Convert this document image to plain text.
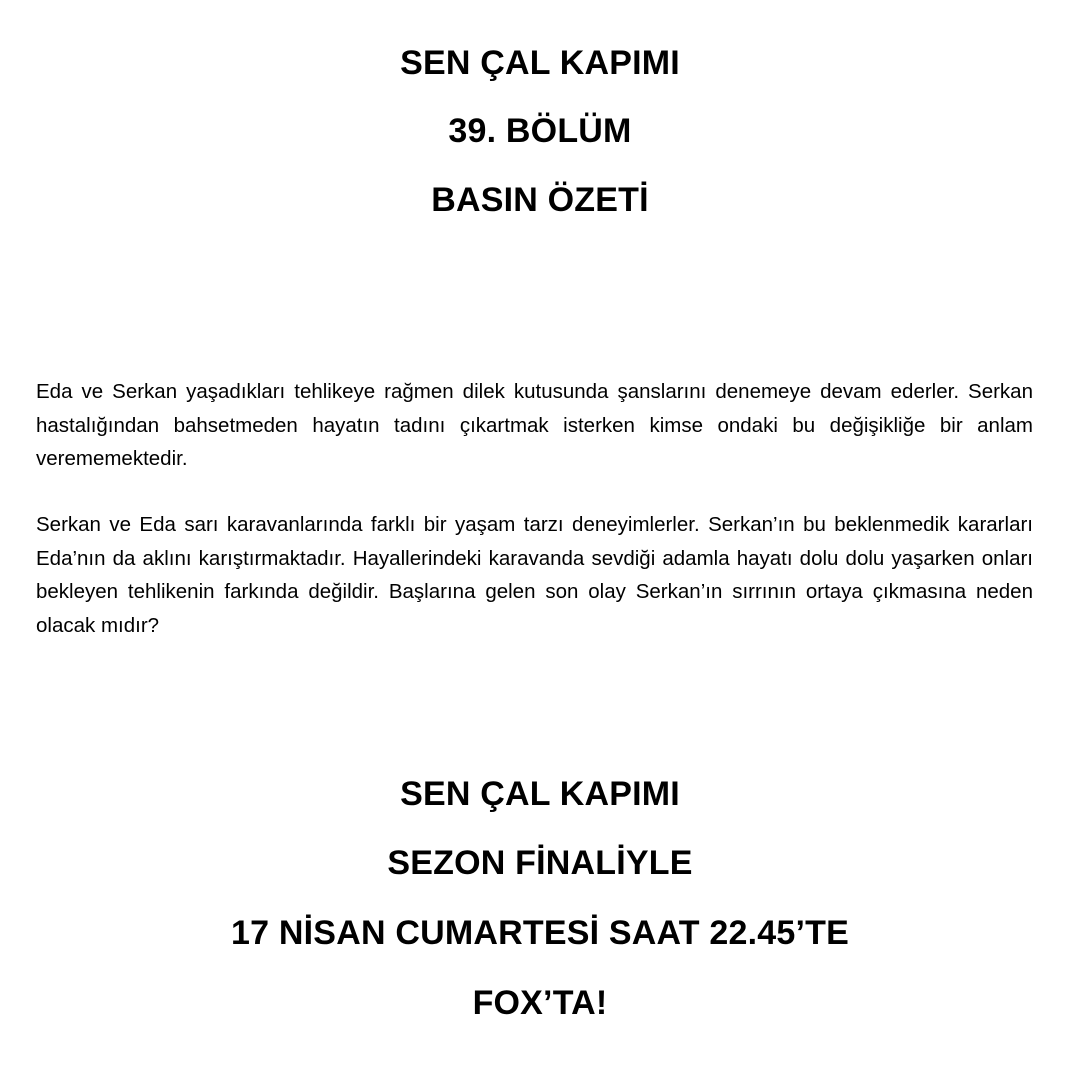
SEN ÇAL KAPIMI
39. BÖLÜM
BASIN ÖZETİ

Eda ve Serkan yaşadıkları tehlikeye rağmen dilek kutusunda şanslarını denemeye devam ederler. Serkan hastalığından bahsetmeden hayatın tadını çıkartmak isterken kimse ondaki bu değişikliğe bir anlam verememektedir.

Serkan ve Eda sarı karavanlarında farklı bir yaşam tarzı deneyimlerler. Serkan’ın bu beklenmedik kararları Eda’nın da aklını karıştırmaktadır. Hayallerindeki karavanda sevdiği adamla hayatı dolu dolu yaşarken onları bekleyen tehlikenin farkında değildir. Başlarına gelen son olay Serkan’ın sırrının ortaya çıkmasına neden olacak mıdır?

SEN ÇAL KAPIMI
SEZON FİNALİYLE
17 NİSAN CUMARTESİ SAAT 22.45’TE
FOX’TA!
